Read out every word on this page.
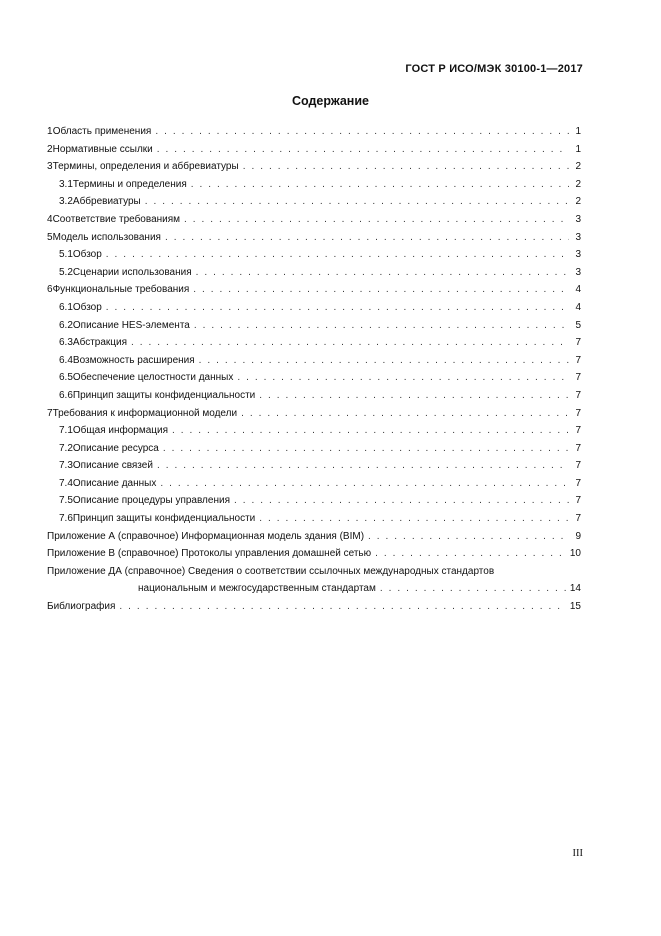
ГОСТ Р ИСО/МЭК 30100-1—2017
Содержание
1 Область применения . . .	1
2 Нормативные ссылки . . .	1
3 Термины, определения и аббревиатуры . . .	2
3.1 Термины и определения . . .	2
3.2 Аббревиатуры . . .	2
4 Соответствие требованиям . . .	3
5 Модель использования . . .	3
5.1 Обзор . . .	3
5.2 Сценарии использования . . .	3
6 Функциональные требования . . .	4
6.1 Обзор . . .	4
6.2 Описание HES-элемента . . .	5
6.3 Абстракция . . .	7
6.4 Возможность расширения . . .	7
6.5 Обеспечение целостности данных . . .	7
6.6 Принцип защиты конфиденциальности . . .	7
7 Требования к информационной модели . . .	7
7.1 Общая информация . . .	7
7.2 Описание ресурса . . .	7
7.3 Описание связей . . .	7
7.4 Описание данных . . .	7
7.5 Описание процедуры управления . . .	7
7.6 Принцип защиты конфиденциальности . . .	7
Приложение А (справочное) Информационная модель здания (BIM) . . .	9
Приложение В (справочное) Протоколы управления домашней сетью . . .	10
Приложение ДА (справочное) Сведения о соответствии ссылочных международных стандартов
национальным и межгосударственным стандартам . . .	14
Библиография . . .	15
III
